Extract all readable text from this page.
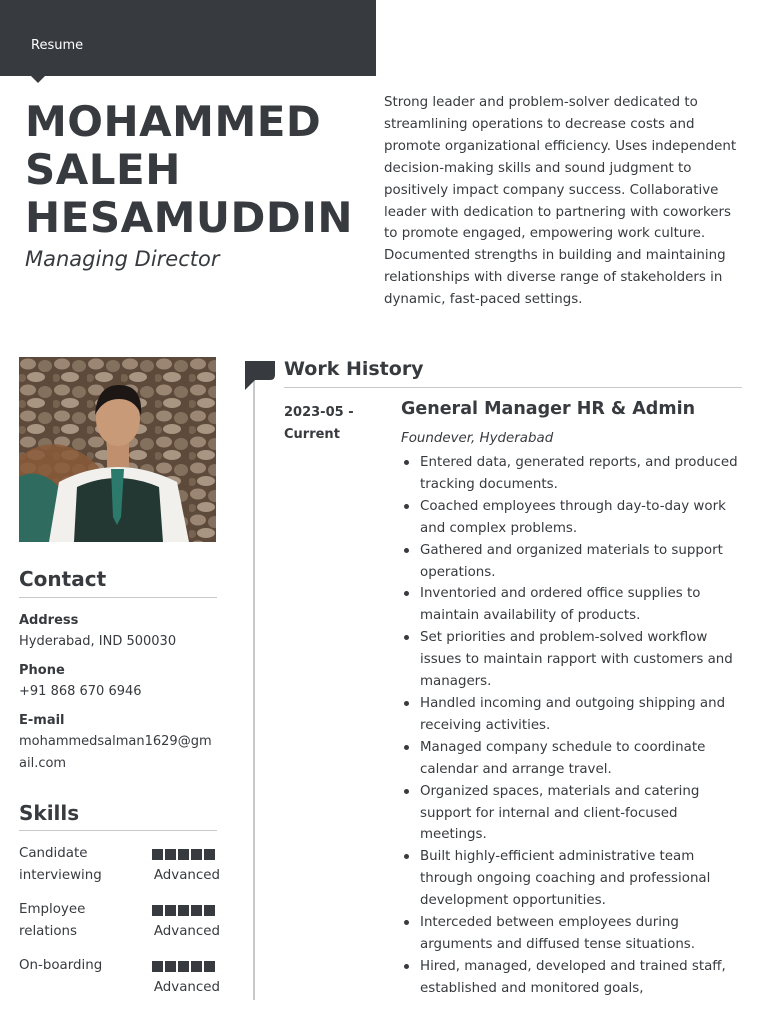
Resume
MOHAMMED
SALEH
HESAMUDDIN
Managing Director
Strong leader and problem-solver dedicated to streamlining operations to decrease costs and promote organizational efficiency. Uses independent decision-making skills and sound judgment to positively impact company success. Collaborative leader with dedication to partnering with coworkers to promote engaged, empowering work culture. Documented strengths in building and maintaining relationships with diverse range of stakeholders in dynamic, fast-paced settings.
Contact
Address
Hyderabad, IND 500030
Phone
+91 868 670 6946
E-mail
mohammedsalman1629@gmail.com
Skills
Candidate interviewing	Advanced
Employee relations	Advanced
On-boarding
Advanced
Work History
2023-05 - Current
General Manager HR & Admin
Foundever, Hyderabad
Entered data, generated reports, and produced tracking documents.
Coached employees through day-to-day work and complex problems.
Gathered and organized materials to support operations.
Inventoried and ordered office supplies to maintain availability of products.
Set priorities and problem-solved workflow issues to maintain rapport with customers and managers.
Handled incoming and outgoing shipping and receiving activities.
Managed company schedule to coordinate calendar and arrange travel.
Organized spaces, materials and catering support for internal and client-focused meetings.
Built highly-efficient administrative team through ongoing coaching and professional development opportunities.
Interceded between employees during arguments and diffused tense situations.
Hired, managed, developed and trained staff, established and monitored goals,
